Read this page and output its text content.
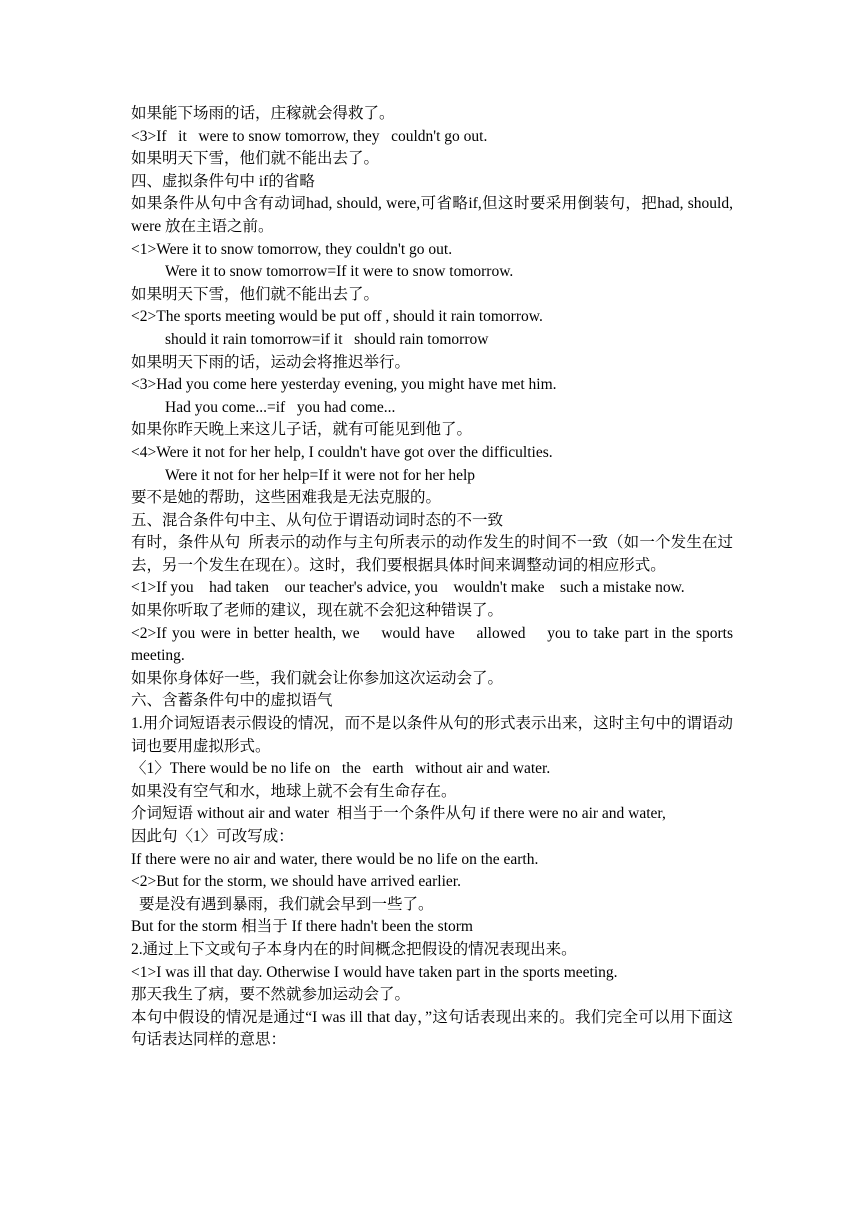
如果能下场雨的话，庄稼就会得救了。

<3>If   it   were to snow tomorrow, they   couldn't go out.

如果明天下雪，他们就不能出去了。

四、虚拟条件句中 if的省略

如果条件从句中含有动词had, should, were,可省略if,但这时要采用倒装句，把had, should, were 放在主语之前。

<1>Were it to snow tomorrow, they couldn't go out.

Were it to snow tomorrow=If it were to snow tomorrow.

如果明天下雪，他们就不能出去了。

<2>The sports meeting would be put off , should it rain tomorrow.

should it rain tomorrow=if it   should rain tomorrow

如果明天下雨的话，运动会将推迟举行。

<3>Had you come here yesterday evening, you might have met him.

Had you come...=if   you had come...

如果你昨天晚上来这儿子话，就有可能见到他了。

<4>Were it not for her help, I couldn't have got over the difficulties.

Were it not for her help=If it were not for her help

要不是她的帮助，这些困难我是无法克服的。

五、混合条件句中主、从句位于谓语动词时态的不一致

有时，条件从句  所表示的动作与主句所表示的动作发生的时间不一致（如一个发生在过去，另一个发生在现在）。这时，我们要根据具体时间来调整动词的相应形式。

<1>If you    had taken    our teacher's advice, you    wouldn't make    such a mistake now.

如果你听取了老师的建议，现在就不会犯这种错误了。

<2>If you were in better health, we    would have    allowed    you to take part in the sports meeting.

如果你身体好一些，我们就会让你参加这次运动会了。

六、含蓄条件句中的虚拟语气

1.用介词短语表示假设的情况，而不是以条件从句的形式表示出来，这时主句中的谓语动词也要用虚拟形式。

〈1〉There would be no life on   the   earth   without air and water.

如果没有空气和水，地球上就不会有生命存在。

介词短语 without air and water  相当于一个条件从句 if there were no air and water,

因此句〈1〉可改写成：

If there were no air and water, there would be no life on the earth.

<2>But for the storm, we should have arrived earlier.

要是没有遇到暴雨，我们就会早到一些了。

But for the storm 相当于 If there hadn't been the storm

2.通过上下文或句子本身内在的时间概念把假设的情况表现出来。

<1>I was ill that day. Otherwise I would have taken part in the sports meeting.

那天我生了病，要不然就参加运动会了。

本句中假设的情况是通过“I was ill that day，”这句话表现出来的。我们完全可以用下面这句话表达同样的意思：
